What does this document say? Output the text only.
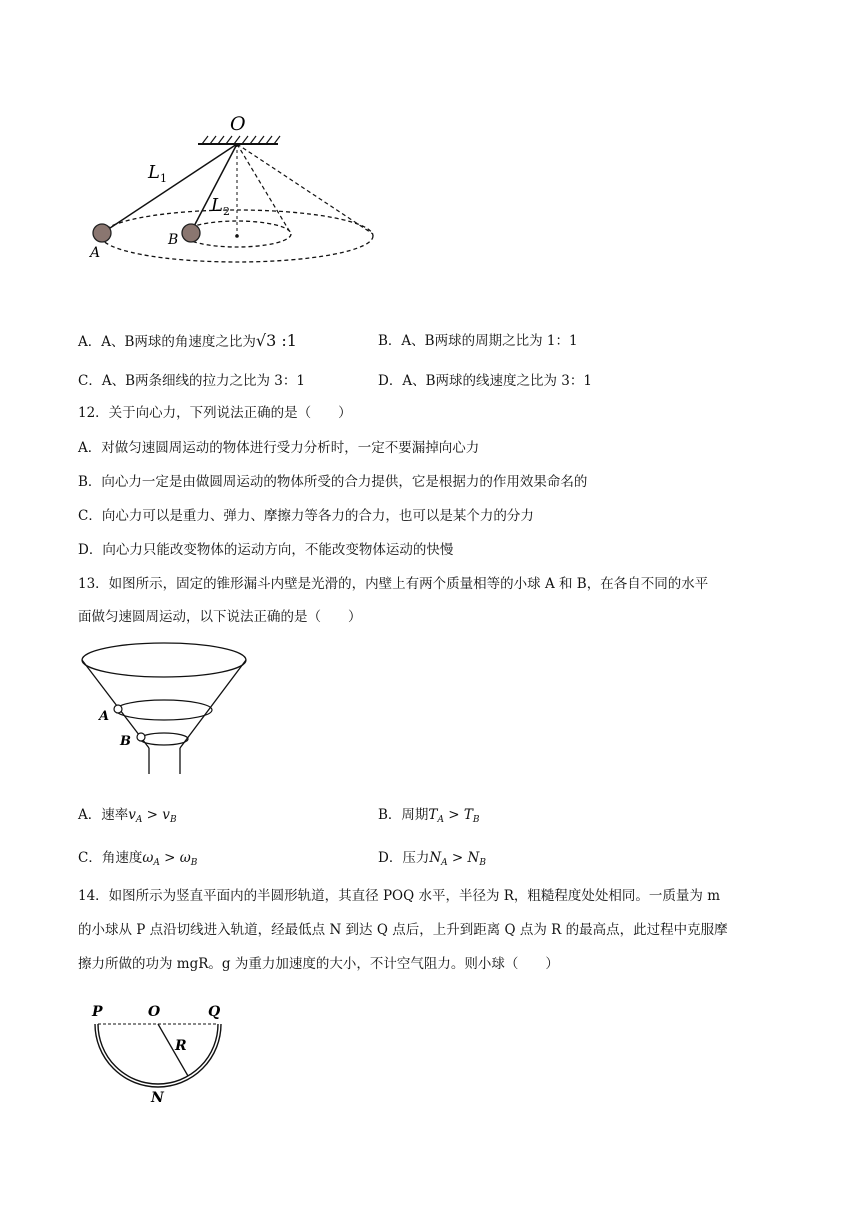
O
$L_1$
$L_2$
A
B
A．A、B两球的角速度之比为√3 :1	B．A、B两球的周期之比为 1：1
C．A、B两条细线的拉力之比为 3：1	D．A、B两球的线速度之比为 3：1
12．关于向心力，下列说法正确的是（　　）
A．对做匀速圆周运动的物体进行受力分析时，一定不要漏掉向心力
B．向心力一定是由做圆周运动的物体所受的合力提供，它是根据力的作用效果命名的
C．向心力可以是重力、弹力、摩擦力等各力的合力，也可以是某个力的分力
D．向心力只能改变物体的运动方向，不能改变物体运动的快慢
13．如图所示，固定的锥形漏斗内壁是光滑的，内壁上有两个质量相等的小球 A 和 B，在各自不同的水平
面做匀速圆周运动，以下说法正确的是（　　）
A
B
A．速率$v_A > v_B$	B．周期$T_A > T_B$
C．角速度$\omega_A > \omega_B$	D．压力$N_A > N_B$
14．如图所示为竖直平面内的半圆形轨道，其直径 POQ 水平，半径为 R，粗糙程度处处相同。一质量为 m
的小球从 P 点沿切线进入轨道，经最低点 N 到达 Q 点后，上升到距离 Q 点为 R 的最高点，此过程中克服摩
擦力所做的功为 mgR。g 为重力加速度的大小，不计空气阻力。则小球（　　）
P	O	Q
R
N
